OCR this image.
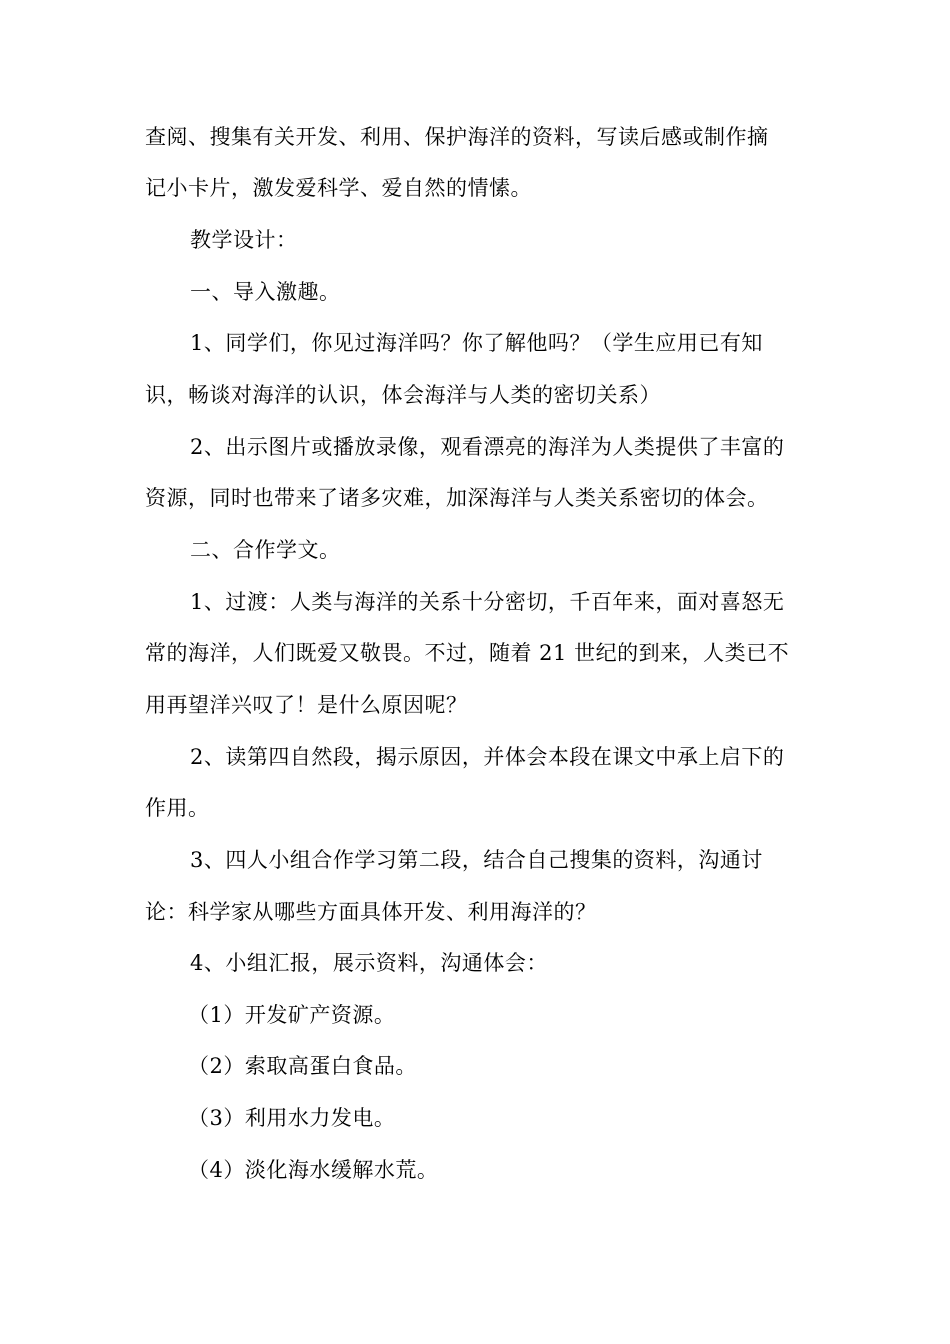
查阅、搜集有关开发、利用、保护海洋的资料，写读后感或制作摘
记小卡片，激发爱科学、爱自然的情愫。
教学设计：
一、导入激趣。
1、同学们，你见过海洋吗？你了解他吗？（学生应用已有知
识，畅谈对海洋的认识，体会海洋与人类的密切关系）
2、出示图片或播放录像，观看漂亮的海洋为人类提供了丰富的
资源，同时也带来了诸多灾难，加深海洋与人类关系密切的体会。
二、合作学文。
1、过渡：人类与海洋的关系十分密切，千百年来，面对喜怒无
常的海洋，人们既爱又敬畏。不过，随着 21 世纪的到来，人类已不
用再望洋兴叹了！是什么原因呢？
2、读第四自然段，揭示原因，并体会本段在课文中承上启下的
作用。
3、四人小组合作学习第二段，结合自己搜集的资料，沟通讨
论：科学家从哪些方面具体开发、利用海洋的？
4、小组汇报，展示资料，沟通体会：
（1）开发矿产资源。
（2）索取高蛋白食品。
（3）利用水力发电。
（4）淡化海水缓解水荒。
